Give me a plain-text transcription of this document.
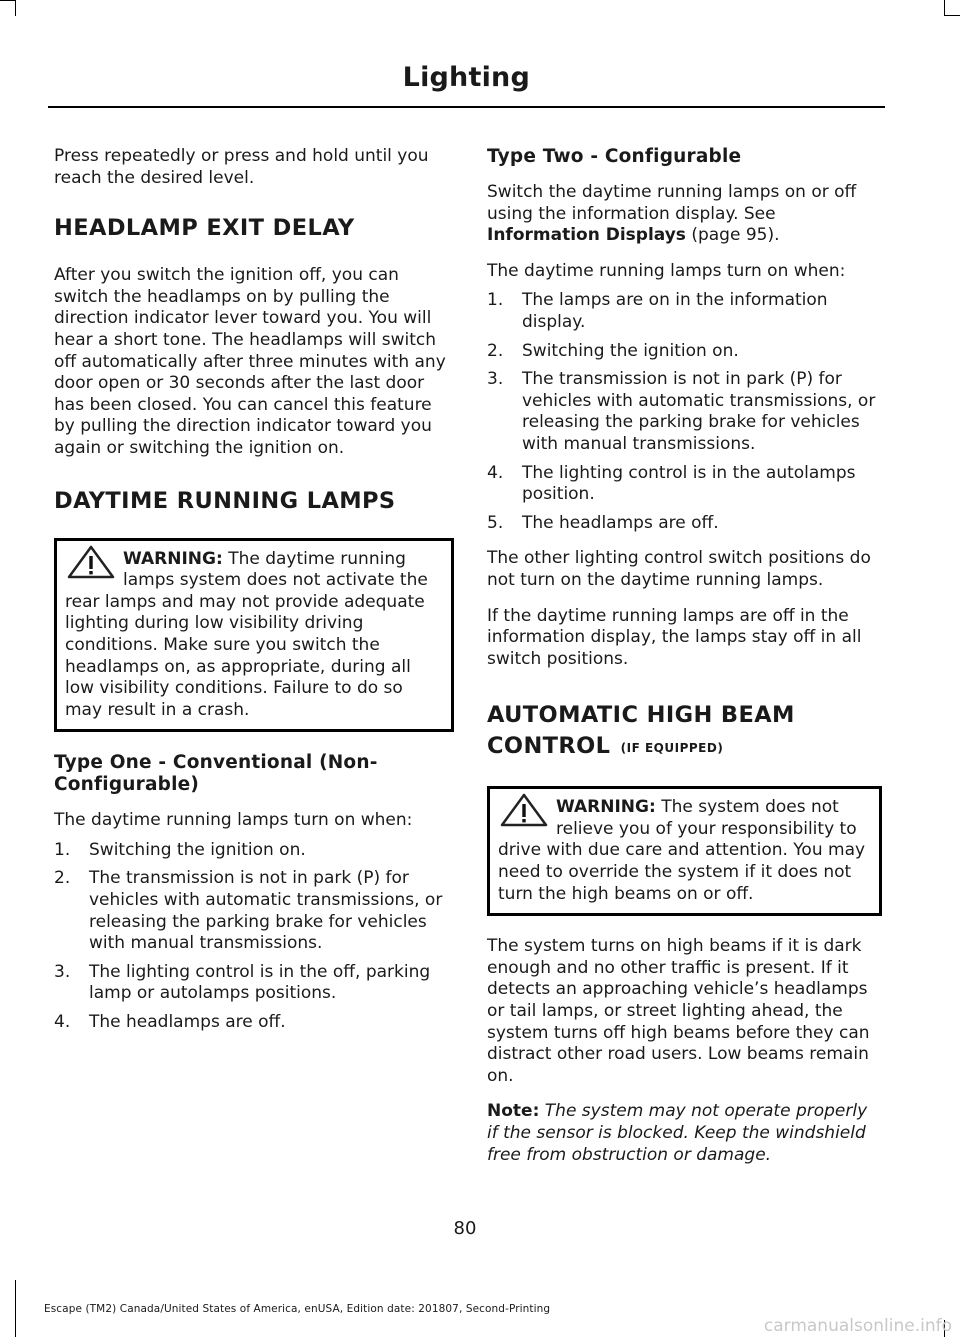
Lighting

Press repeatedly or press and hold until you reach the desired level.

HEADLAMP EXIT DELAY

After you switch the ignition off, you can switch the headlamps on by pulling the direction indicator lever toward you. You will hear a short tone. The headlamps will switch off automatically after three minutes with any door open or 30 seconds after the last door has been closed. You can cancel this feature by pulling the direction indicator toward you again or switching the ignition on.

DAYTIME RUNNING LAMPS

WARNING: The daytime running lamps system does not activate the rear lamps and may not provide adequate lighting during low visibility driving conditions. Make sure you switch the headlamps on, as appropriate, during all low visibility conditions. Failure to do so may result in a crash.

Type One - Conventional (Non-Configurable)

The daytime running lamps turn on when:

1. Switching the ignition on.
2. The transmission is not in park (P) for vehicles with automatic transmissions, or releasing the parking brake for vehicles with manual transmissions.
3. The lighting control is in the off, parking lamp or autolamps positions.
4. The headlamps are off.
Type Two - Configurable

Switch the daytime running lamps on or off using the information display. See Information Displays (page 95).

The daytime running lamps turn on when:

1. The lamps are on in the information display.
2. Switching the ignition on.
3. The transmission is not in park (P) for vehicles with automatic transmissions, or releasing the parking brake for vehicles with manual transmissions.
4. The lighting control is in the autolamps position.
5. The headlamps are off.

The other lighting control switch positions do not turn on the daytime running lamps.

If the daytime running lamps are off in the information display, the lamps stay off in all switch positions.

AUTOMATIC HIGH BEAM
CONTROL (IF EQUIPPED)

WARNING: The system does not relieve you of your responsibility to drive with due care and attention. You may need to override the system if it does not turn the high beams on or off.

The system turns on high beams if it is dark enough and no other traffic is present. If it detects an approaching vehicle’s headlamps or tail lamps, or street lighting ahead, the system turns off high beams before they can distract other road users. Low beams remain on.

Note: The system may not operate properly if the sensor is blocked. Keep the windshield free from obstruction or damage.

80
Escape (TM2) Canada/United States of America, enUSA, Edition date: 201807, Second-Printing
carmanualsonline.info
